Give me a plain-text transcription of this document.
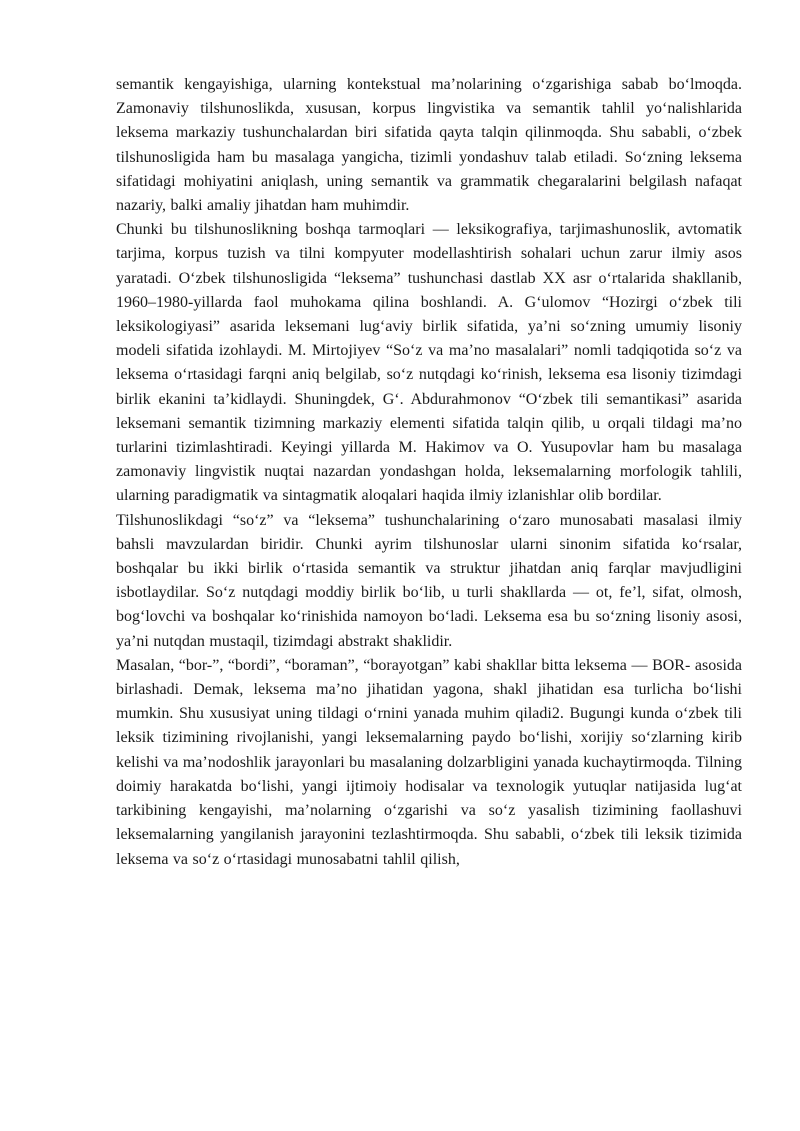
semantik kengayishiga, ularning kontekstual ma’nolarining o‘zgarishiga sabab bo‘lmoqda. Zamonaviy tilshunoslikda, xususan, korpus lingvistika va semantik tahlil yo‘nalishlarida leksema markaziy tushunchalardan biri sifatida qayta talqin qilinmoqda. Shu sababli, o‘zbek tilshunosligida ham bu masalaga yangicha, tizimli yondashuv talab etiladi. So‘zning leksema sifatidagi mohiyatini aniqlash, uning semantik va grammatik chegaralarini belgilash nafaqat nazariy, balki amaliy jihatdan ham muhimdir.

Chunki bu tilshunoslikning boshqa tarmoqlari — leksikografiya, tarjimashunoslik, avtomatik tarjima, korpus tuzish va tilni kompyuter modellashtirish sohalari uchun zarur ilmiy asos yaratadi. O‘zbek tilshunosligida “leksema” tushunchasi dastlab XX asr o‘rtalarida shakllanib, 1960–1980-yillarda faol muhokama qilina boshlandi. A. G‘ulomov “Hozirgi o‘zbek tili leksikologiyasi” asarida leksemani lug‘aviy birlik sifatida, ya’ni so‘zning umumiy lisoniy modeli sifatida izohlaydi. M. Mirtojiyev “So‘z va ma’no masalalari” nomli tadqiqotida so‘z va leksema o‘rtasidagi farqni aniq belgilab, so‘z nutqdagi ko‘rinish, leksema esa lisoniy tizimdagi birlik ekanini ta’kidlaydi. Shuningdek, G‘. Abdurahmonov “O‘zbek tili semantikasi” asarida leksemani semantik tizimning markaziy elementi sifatida talqin qilib, u orqali tildagi ma’no turlarini tizimlashtiradi. Keyingi yillarda M. Hakimov va O. Yusupovlar ham bu masalaga zamonaviy lingvistik nuqtai nazardan yondashgan holda, leksemalarning morfologik tahlili, ularning paradigmatik va sintagmatik aloqalari haqida ilmiy izlanishlar olib bordilar.

Tilshunoslikdagi “so‘z” va “leksema” tushunchalarining o‘zaro munosabati masalasi ilmiy bahsli mavzulardan biridir. Chunki ayrim tilshunoslar ularni sinonim sifatida ko‘rsalar, boshqalar bu ikki birlik o‘rtasida semantik va struktur jihatdan aniq farqlar mavjudligini isbotlaydilar. So‘z nutqdagi moddiy birlik bo‘lib, u turli shakllarda — ot, fe’l, sifat, olmosh, bog‘lovchi va boshqalar ko‘rinishida namoyon bo‘ladi. Leksema esa bu so‘zning lisoniy asosi, ya’ni nutqdan mustaqil, tizimdagi abstrakt shaklidir.

Masalan, “bor-”, “bordi”, “boraman”, “borayotgan” kabi shakllar bitta leksema — BOR- asosida birlashadi. Demak, leksema ma’no jihatidan yagona, shakl jihatidan esa turlicha bo‘lishi mumkin. Shu xususiyat uning tildagi o‘rnini yanada muhim qiladi2. Bugungi kunda o‘zbek tili leksik tizimining rivojlanishi, yangi leksemalarning paydo bo‘lishi, xorijiy so‘zlarning kirib kelishi va ma’nodoshlik jarayonlari bu masalaning dolzarbligini yanada kuchaytirmoqda. Tilning doimiy harakatda bo‘lishi, yangi ijtimoiy hodisalar va texnologik yutuqlar natijasida lug‘at tarkibining kengayishi, ma’nolarning o‘zgarishi va so‘z yasalish tizimining faollashuvi leksemalarning yangilanish jarayonini tezlashtirmoqda. Shu sababli, o‘zbek tili leksik tizimida leksema va so‘z o‘rtasidagi munosabatni tahlil qilish,
